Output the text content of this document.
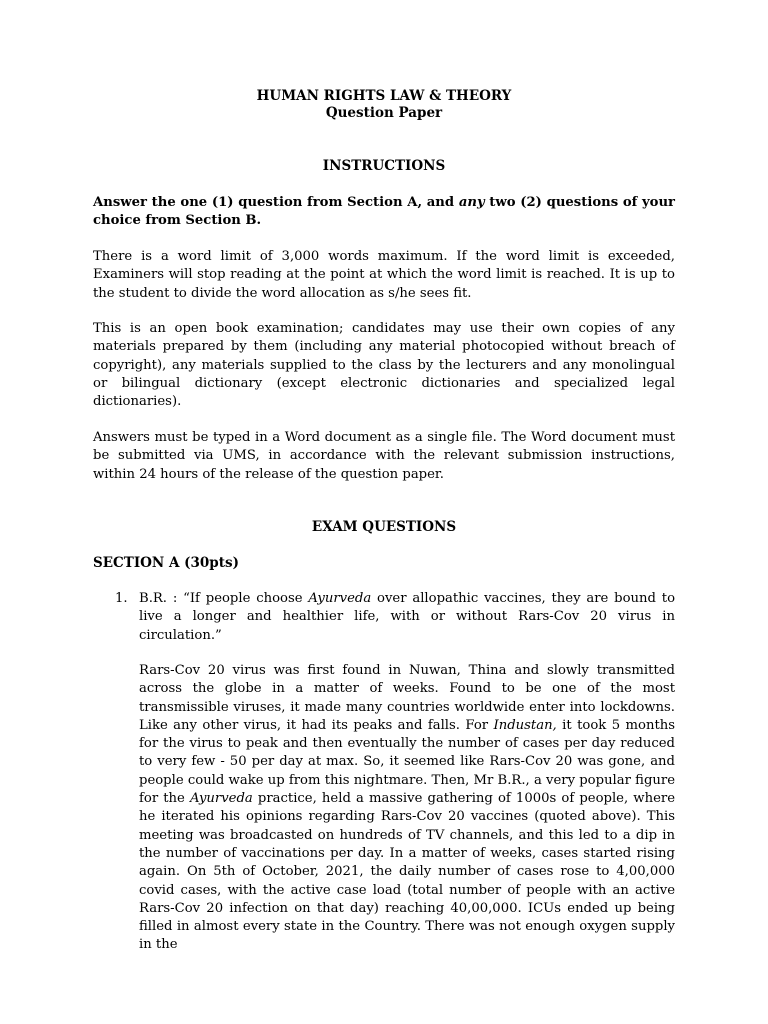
HUMAN RIGHTS LAW & THEORY
Question Paper
INSTRUCTIONS

Answer the one (1) question from Section A, and any two (2) questions of your choice from Section B.

There is a word limit of 3,000 words maximum. If the word limit is exceeded, Examiners will stop reading at the point at which the word limit is reached. It is up to the student to divide the word allocation as s/he sees fit.

This is an open book examination; candidates may use their own copies of any materials prepared by them (including any material photocopied without breach of copyright), any materials supplied to the class by the lecturers and any monolingual or bilingual dictionary (except electronic dictionaries and specialized legal dictionaries).

Answers must be typed in a Word document as a single file. The Word document must be submitted via UMS, in accordance with the relevant submission instructions, within 24 hours of the release of the question paper.

EXAM QUESTIONS
SECTION A (30pts)
1. B.R. : “If people choose Ayurveda over allopathic vaccines, they are bound to live a longer and healthier life, with or without Rars-Cov 20 virus in circulation.”

Rars-Cov 20 virus was first found in Nuwan, Thina and slowly transmitted across the globe in a matter of weeks. Found to be one of the most transmissible viruses, it made many countries worldwide enter into lockdowns. Like any other virus, it had its peaks and falls. For Industan, it took 5 months for the virus to peak and then eventually the number of cases per day reduced to very few - 50 per day at max. So, it seemed like Rars-Cov 20 was gone, and people could wake up from this nightmare. Then, Mr B.R., a very popular figure for the Ayurveda practice, held a massive gathering of 1000s of people, where he iterated his opinions regarding Rars-Cov 20 vaccines (quoted above). This meeting was broadcasted on hundreds of TV channels, and this led to a dip in the number of vaccinations per day. In a matter of weeks, cases started rising again. On 5th of October, 2021, the daily number of cases rose to 4,00,000 covid cases, with the active case load (total number of people with an active Rars-Cov 20 infection on that day) reaching 40,00,000. ICUs ended up being filled in almost every state in the Country. There was not enough oxygen supply in the
